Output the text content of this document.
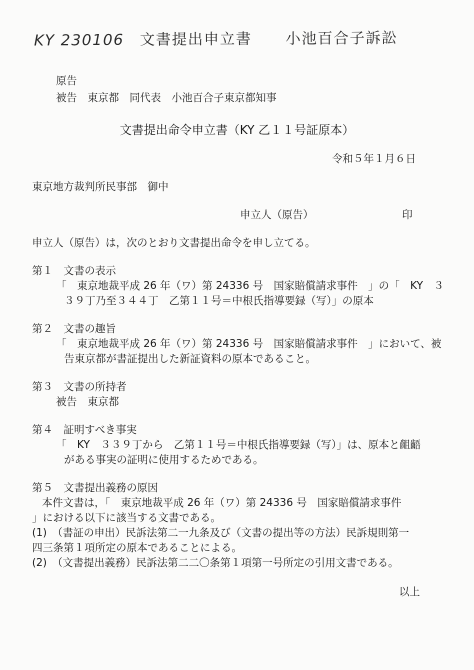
KY 230106 文書提出申立書 小池百合子訴訟
原告
被告　東京都　同代表　小池百合子東京都知事
文書提出命令申立書（KY 乙１１号証原本）
令和５年１月６日
東京地方裁判所民事部　御中
申立人（原告）	印
申立人（原告）は，次のとおり文書提出命令を申し立てる。
第１　文書の表示
「　東京地裁平成 26 年（ワ）第 24336 号　国家賠償請求事件　」の「　KY　３
３９丁乃至３４４丁　乙第１１号＝中根氏指導要録（写）」の原本
第２　文書の趣旨
「　東京地裁平成 26 年（ワ）第 24336 号　国家賠償請求事件　」において、被
告東京都が書証提出した新証資料の原本であること。
第３　文書の所持者
被告　東京都
第４　証明すべき事実
「　KY　３３９丁から　乙第１１号＝中根氏指導要録（写）」は、原本と齟齬
がある事実の証明に使用するためである。
第５　文書提出義務の原因
本件文書は，「　東京地裁平成 26 年（ワ）第 24336 号　国家賠償請求事件　
」における以下に該当する文書である。
(1)　（書証の申出）民訴法第二一九条及び（文書の提出等の方法）民訴規則第一
四三条第１項所定の原本であることによる。
(2)　（文書提出義務）民訴法第二二〇条第１項第一号所定の引用文書である。
以上
